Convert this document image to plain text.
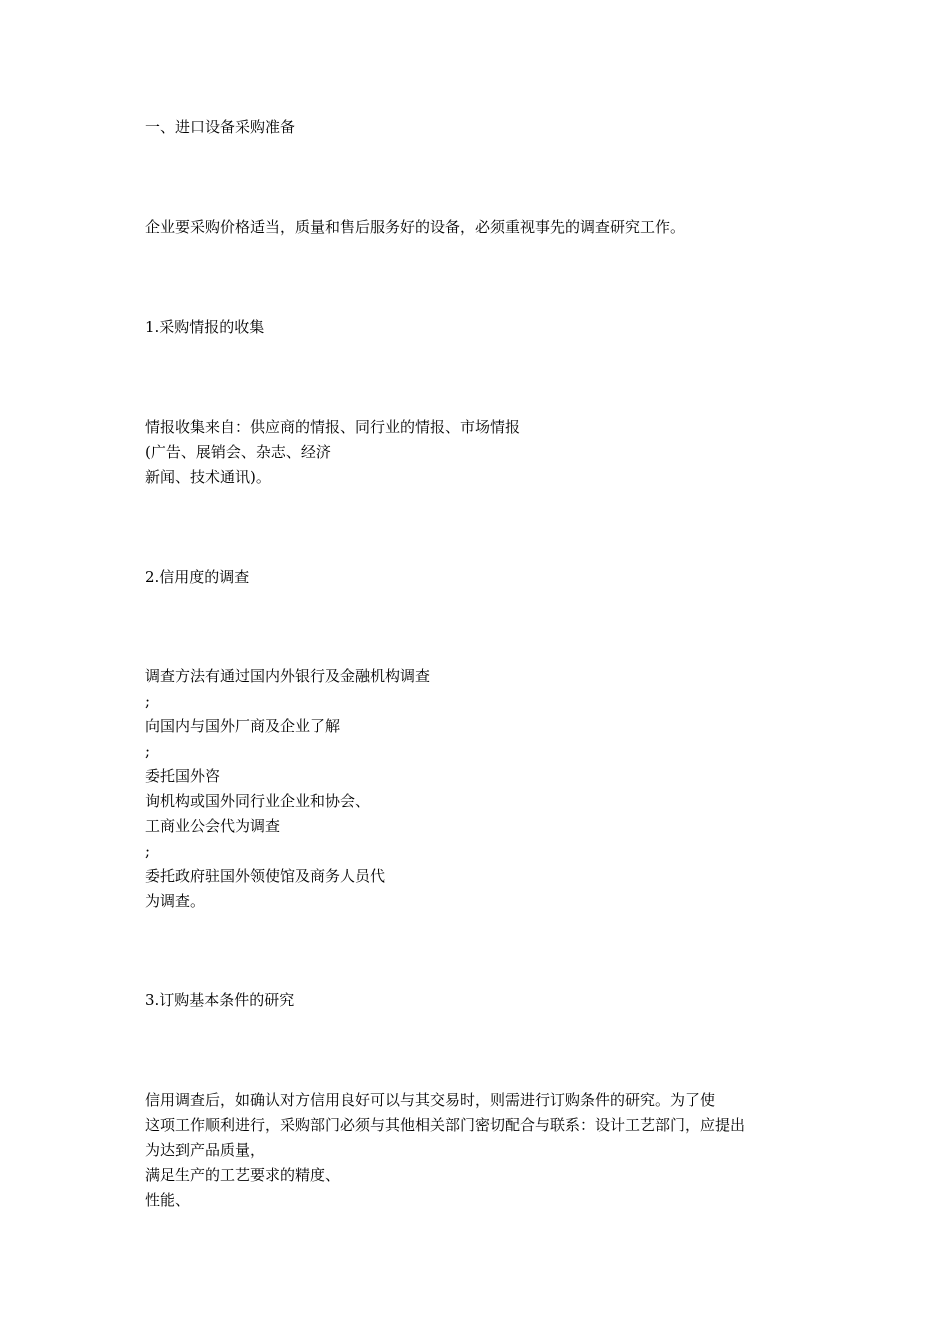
一、进口设备采购准备
企业要采购价格适当，质量和售后服务好的设备，必须重视事先的调查研究工作。
1.采购情报的收集
情报收集来自：供应商的情报、同行业的情报、市场情报
(广告、展销会、杂志、经济
新闻、技术通讯)。
2.信用度的调查
调查方法有通过国内外银行及金融机构调查
;
向国内与国外厂商及企业了解
;
委托国外咨
询机构或国外同行业企业和协会、
工商业公会代为调查
;
委托政府驻国外领使馆及商务人员代
为调查。
3.订购基本条件的研究
信用调查后，如确认对方信用良好可以与其交易时，则需进行订购条件的研究。为了使
这项工作顺利进行，采购部门必须与其他相关部门密切配合与联系：设计工艺部门，应提出
为达到产品质量，
满足生产的工艺要求的精度、
性能、
